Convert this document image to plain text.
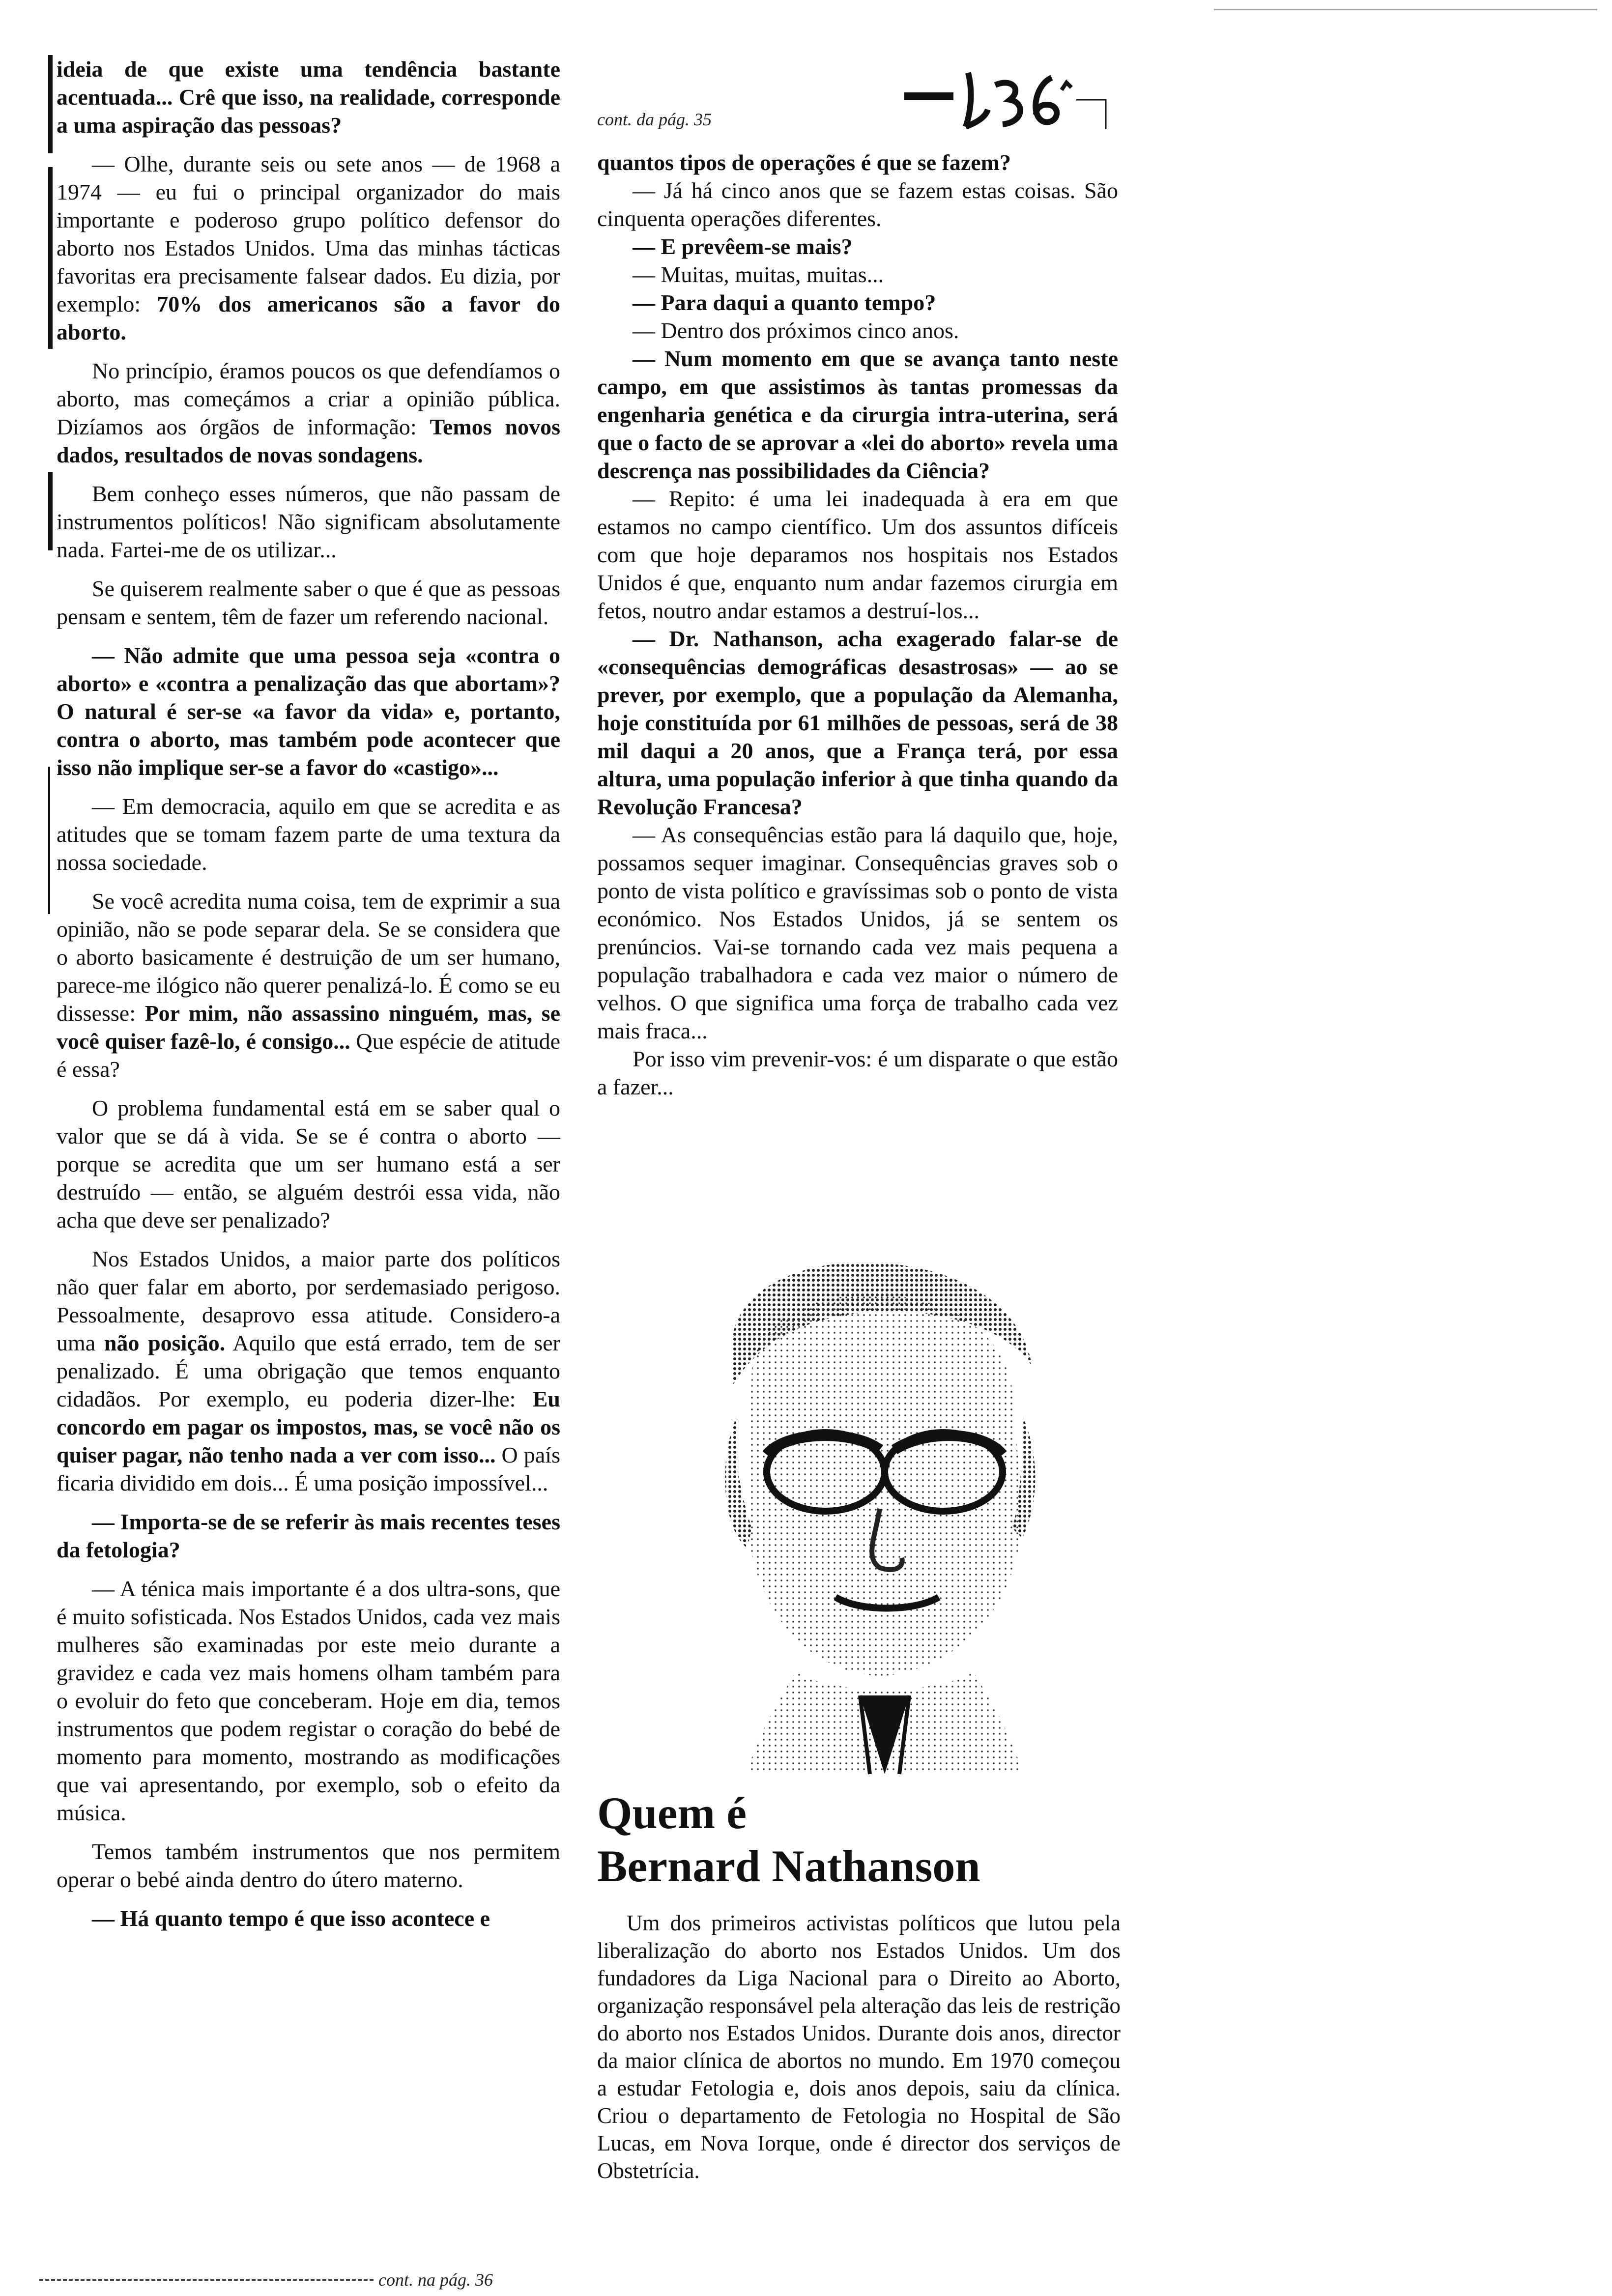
cont. da pág. 35

ideia de que existe uma tendência bastante acentuada... Crê que isso, na realidade, corresponde a uma aspiração das pessoas?

— Olhe, durante seis ou sete anos — de 1968 a 1974 — eu fui o principal organizador do mais importante e poderoso grupo político defensor do aborto nos Estados Unidos. Uma das minhas tácticas favoritas era precisamente falsear dados. Eu dizia, por exemplo: 70% dos americanos são a favor do aborto.

No princípio, éramos poucos os que defendíamos o aborto, mas começámos a criar a opinião pública. Dizíamos aos órgãos de informação: Temos novos dados, resultados de novas sondagens.

Bem conheço esses números, que não passam de instrumentos políticos! Não significam absolutamente nada. Fartei-me de os utilizar...

Se quiserem realmente saber o que é que as pessoas pensam e sentem, têm de fazer um referendo nacional.

— Não admite que uma pessoa seja «contra o aborto» e «contra a penalização das que abortam»? O natural é ser-se «a favor da vida» e, portanto, contra o aborto, mas também pode acontecer que isso não implique ser-se a favor do «castigo»...

— Em democracia, aquilo em que se acredita e as atitudes que se tomam fazem parte de uma textura da nossa sociedade.

Se você acredita numa coisa, tem de exprimir a sua opinião, não se pode separar dela. Se se considera que o aborto basicamente é destruição de um ser humano, parece-me ilógico não querer penalizá-lo. É como se eu dissesse: Por mim, não assassino ninguém, mas, se você quiser fazê-lo, é consigo... Que espécie de atitude é essa?

O problema fundamental está em se saber qual o valor que se dá à vida. Se se é contra o aborto — porque se acredita que um ser humano está a ser destruído — então, se alguém destrói essa vida, não acha que deve ser penalizado?

Nos Estados Unidos, a maior parte dos políticos não quer falar em aborto, por serdemasiado perigoso. Pessoalmente, desaprovo essa atitude. Considero-a uma não posição. Aquilo que está errado, tem de ser penalizado. É uma obrigação que temos enquanto cidadãos. Por exemplo, eu poderia dizer-lhe: Eu concordo em pagar os impostos, mas, se você não os quiser pagar, não tenho nada a ver com isso... O país ficaria dividido em dois... É uma posição impossível...

— Importa-se de se referir às mais recentes teses da fetologia?

— A ténica mais importante é a dos ultra-sons, que é muito sofisticada. Nos Estados Unidos, cada vez mais mulheres são examinadas por este meio durante a gravidez e cada vez mais homens olham também para o evoluir do feto que conceberam. Hoje em dia, temos instrumentos que podem registar o coração do bebé de momento para momento, mostrando as modificações que vai apresentando, por exemplo, sob o efeito da música.

Temos também instrumentos que nos permitem operar o bebé ainda dentro do útero materno.

— Há quanto tempo é que isso acontece e

cont. na pág. 36

quantos tipos de operações é que se fazem?

— Já há cinco anos que se fazem estas coisas. São cinquenta operações diferentes.

— E prevêem-se mais?

— Muitas, muitas, muitas...

— Para daqui a quanto tempo?

— Dentro dos próximos cinco anos.

— Num momento em que se avança tanto neste campo, em que assistimos às tantas promessas da engenharia genética e da cirurgia intra-uterina, será que o facto de se aprovar a «lei do aborto» revela uma descrença nas possibilidades da Ciência?

— Repito: é uma lei inadequada à era em que estamos no campo científico. Um dos assuntos difíceis com que hoje deparamos nos hospitais nos Estados Unidos é que, enquanto num andar fazemos cirurgia em fetos, noutro andar estamos a destruí-los...

— Dr. Nathanson, acha exagerado falar-se de «consequências demográficas desastrosas» — ao se prever, por exemplo, que a população da Alemanha, hoje constituída por 61 milhões de pessoas, será de 38 mil daqui a 20 anos, que a França terá, por essa altura, uma população inferior à que tinha quando da Revolução Francesa?

— As consequências estão para lá daquilo que, hoje, possamos sequer imaginar. Consequências graves sob o ponto de vista político e gravíssimas sob o ponto de vista económico. Nos Estados Unidos, já se sentem os prenúncios. Vai-se tornando cada vez mais pequena a população trabalhadora e cada vez maior o número de velhos. O que significa uma força de trabalho cada vez mais fraca...

Por isso vim prevenir-vos: é um disparate o que estão a fazer...

Quem é
Bernard Nathanson
Um dos primeiros activistas políticos que lutou pela liberalização do aborto nos Estados Unidos. Um dos fundadores da Liga Nacional para o Direito ao Aborto, organização responsável pela alteração das leis de restrição do aborto nos Estados Unidos. Durante dois anos, director da maior clínica de abortos no mundo. Em 1970 começou a estudar Fetologia e, dois anos depois, saiu da clínica. Criou o departamento de Fetologia no Hospital de São Lucas, em Nova Iorque, onde é director dos serviços de Obstetrícia.
